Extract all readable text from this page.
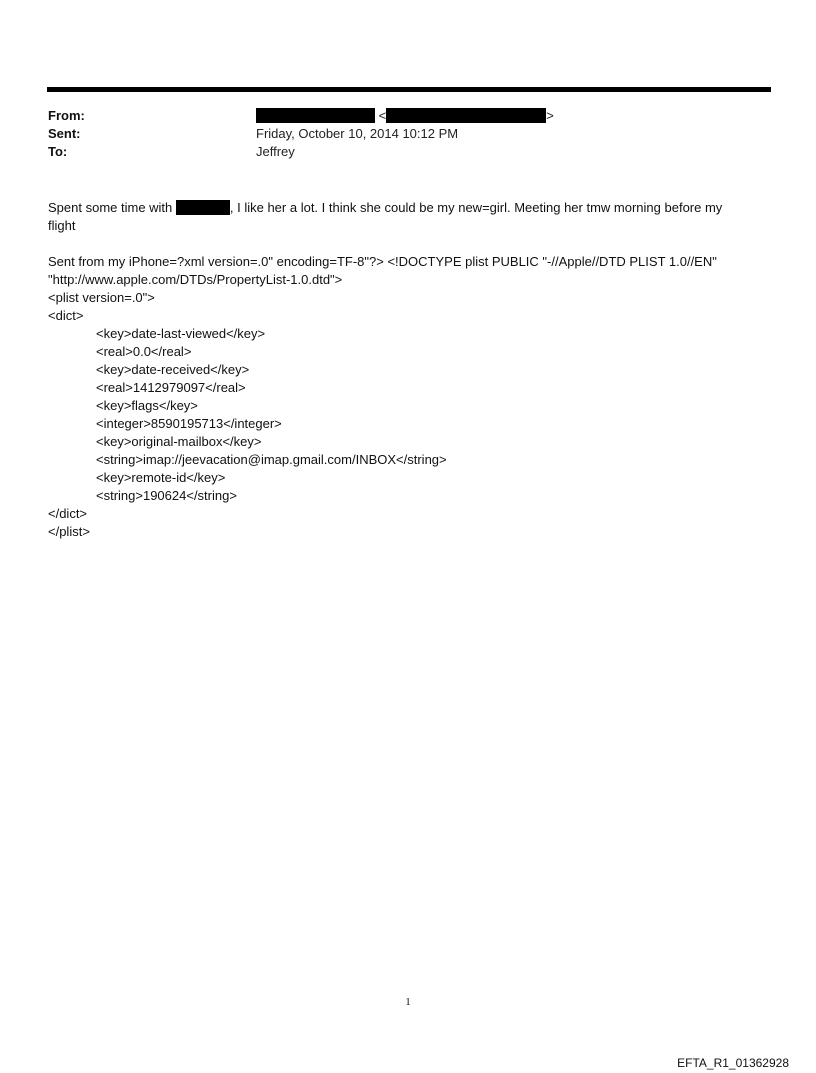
From:
Sent:
To:
<	>
Friday, October 10, 2014 10:12 PM
Jeffrey
Spent some time with	, I like her a lot. I think she could be my new=girl. Meeting her tmw morning before my
flight
Sent from my iPhone=?xml version=.0" encoding=TF-8"?> <!DOCTYPE plist PUBLIC "-//Apple//DTD PLIST 1.0//EN"
"http://www.apple.com/DTDs/PropertyList-1.0.dtd">
<plist version=.0">
<dict>
<key>date-last-viewed</key>
<real>0.0</real>
<key>date-received</key>
<real>1412979097</real>
<key>flags</key>
<integer>8590195713</integer>
<key>original-mailbox</key>
<string>imap://jeevacation@imap.gmail.com/INBOX</string>
<key>remote-id</key>
<string>190624</string>
</dict>
</plist>
1
EFTA_R1_01362928
